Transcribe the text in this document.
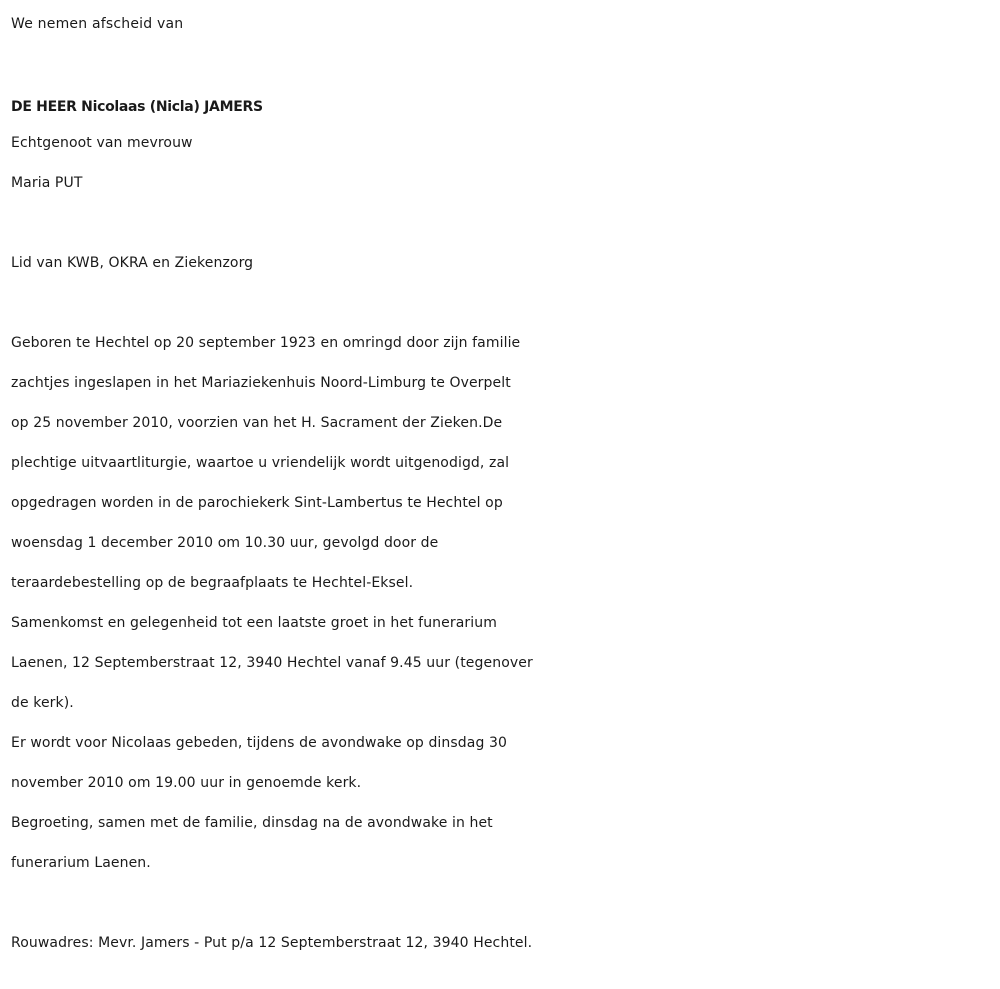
We nemen afscheid van

DE HEER Nicolaas (Nicla) JAMERS

Echtgenoot van mevrouw

Maria PUT

Lid van KWB, OKRA en Ziekenzorg

Geboren te Hechtel op 20 september 1923 en omringd door zijn familie

zachtjes ingeslapen in het Mariaziekenhuis Noord-Limburg te Overpelt

op 25 november 2010, voorzien van het H. Sacrament der Zieken.De

plechtige uitvaartliturgie, waartoe u vriendelijk wordt uitgenodigd, zal

opgedragen worden in de parochiekerk Sint-Lambertus te Hechtel op

woensdag 1 december 2010 om 10.30 uur, gevolgd door de

teraardebestelling op de begraafplaats te Hechtel-Eksel.

Samenkomst en gelegenheid tot een laatste groet in het funerarium

Laenen, 12 Septemberstraat 12, 3940 Hechtel vanaf 9.45 uur (tegenover

de kerk).

Er wordt voor Nicolaas gebeden, tijdens de avondwake op dinsdag 30

november 2010 om 19.00 uur in genoemde kerk.

Begroeting, samen met de familie, dinsdag na de avondwake in het

funerarium Laenen.

Rouwadres: Mevr. Jamers - Put p/a 12 Septemberstraat 12, 3940 Hechtel.
